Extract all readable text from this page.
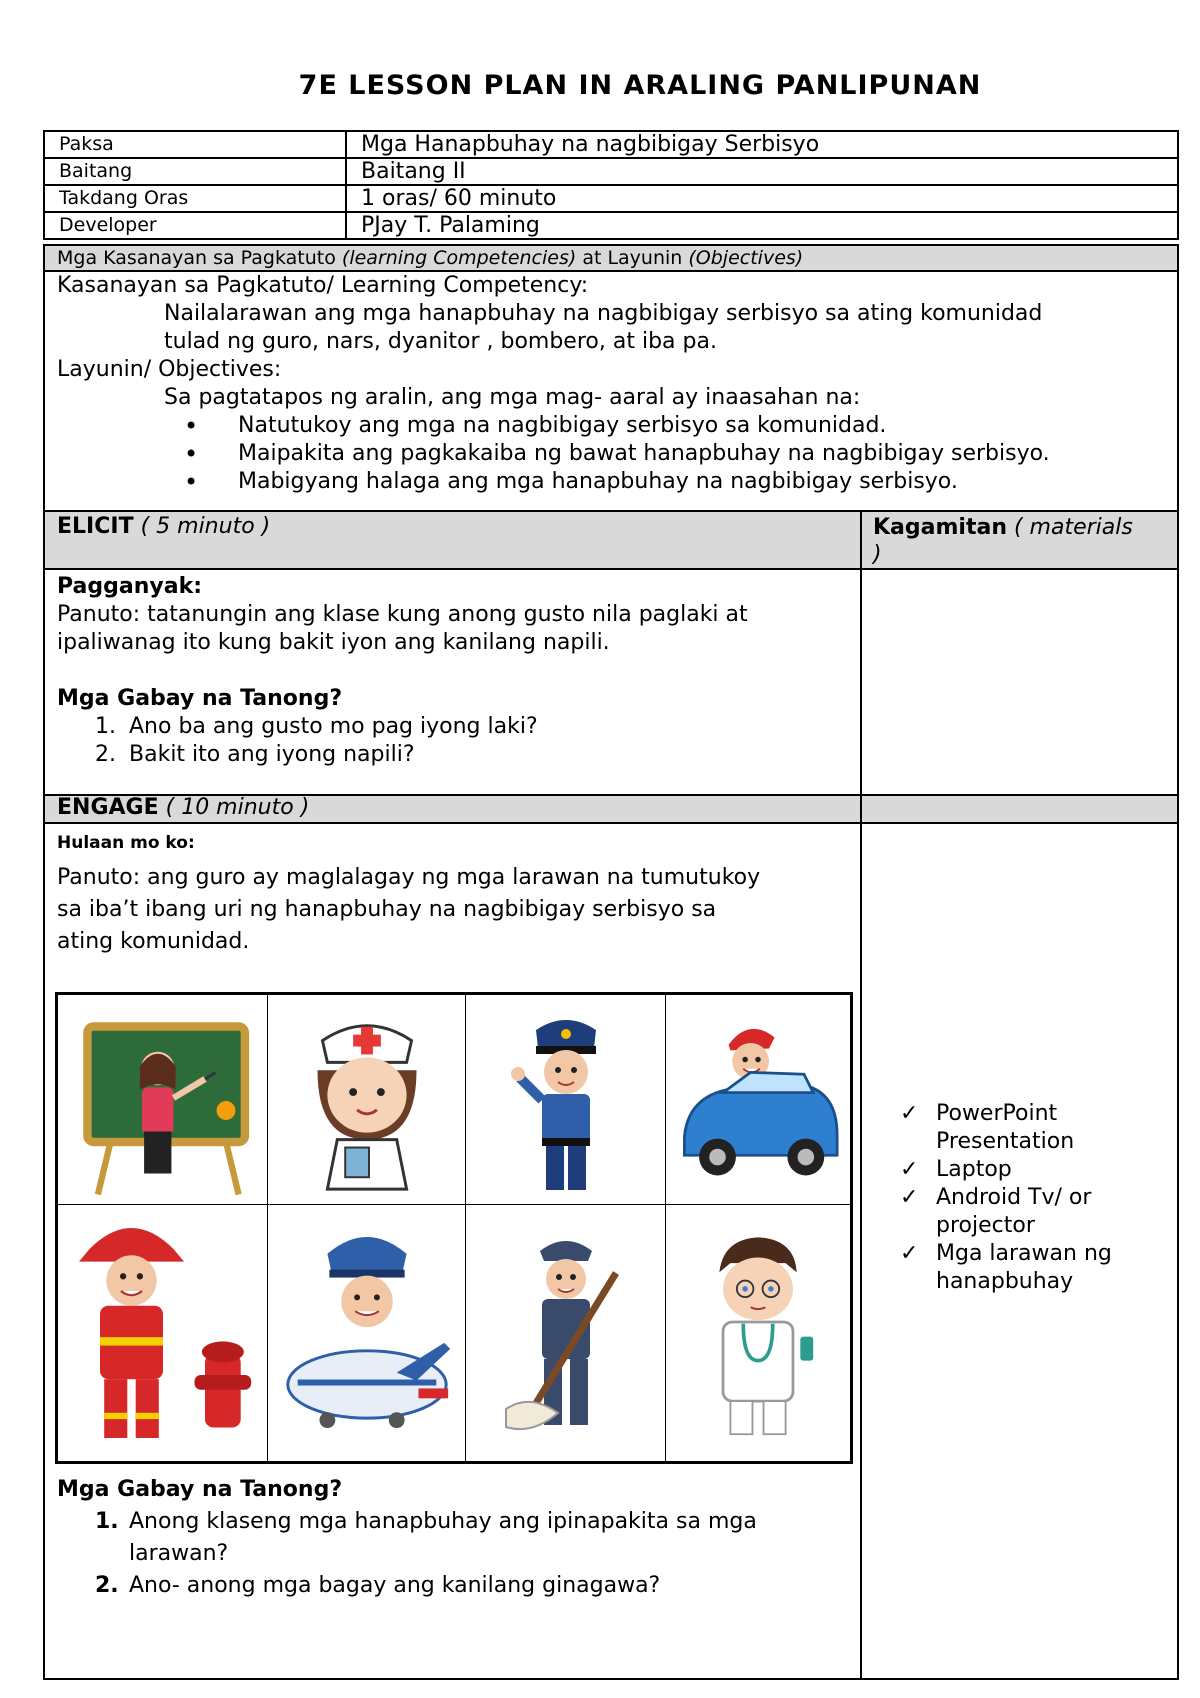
7E LESSON PLAN IN ARALING PANLIPUNAN
Paksa	Mga Hanapbuhay na nagbibigay Serbisyo
Baitang	Baitang II
Takdang Oras	1 oras/ 60 minuto
Developer	PJay T. Palaming
Mga Kasanayan sa Pagkatuto (learning Competencies) at Layunin (Objectives)
Kasanayan sa Pagkatuto/ Learning Competency:
Nailalarawan ang mga hanapbuhay na nagbibigay serbisyo sa ating komunidad
tulad ng guro, nars, dyanitor , bombero, at iba pa.
Layunin/ Objectives:
Sa pagtatapos ng aralin, ang mga mag- aaral ay inaasahan na:
• Natutukoy ang mga na nagbibigay serbisyo sa komunidad.
• Maipakita ang pagkakaiba ng bawat hanapbuhay na nagbibigay serbisyo.
• Mabigyang halaga ang mga hanapbuhay na nagbibigay serbisyo.
ELICIT ( 5 minuto )	Kagamitan ( materials
)
Pagganyak:
Panuto: tatanungin ang klase kung anong gusto nila paglaki at
ipaliwanag ito kung bakit iyon ang kanilang napili.
Mga Gabay na Tanong?
1. Ano ba ang gusto mo pag iyong laki?
2. Bakit ito ang iyong napili?
ENGAGE ( 10 minuto )
Hulaan mo ko:
Panuto: ang guro ay maglalagay ng mga larawan na tumutukoy
sa iba’t ibang uri ng hanapbuhay na nagbibigay serbisyo sa
ating komunidad.
Mga Gabay na Tanong?
1. Anong klaseng mga hanapbuhay ang ipinapakita sa mga
larawan?
2. Ano- anong mga bagay ang kanilang ginagawa?
✓ PowerPoint
Presentation
✓ Laptop
✓ Android Tv/ or
projector
✓ Mga larawan ng
hanapbuhay
